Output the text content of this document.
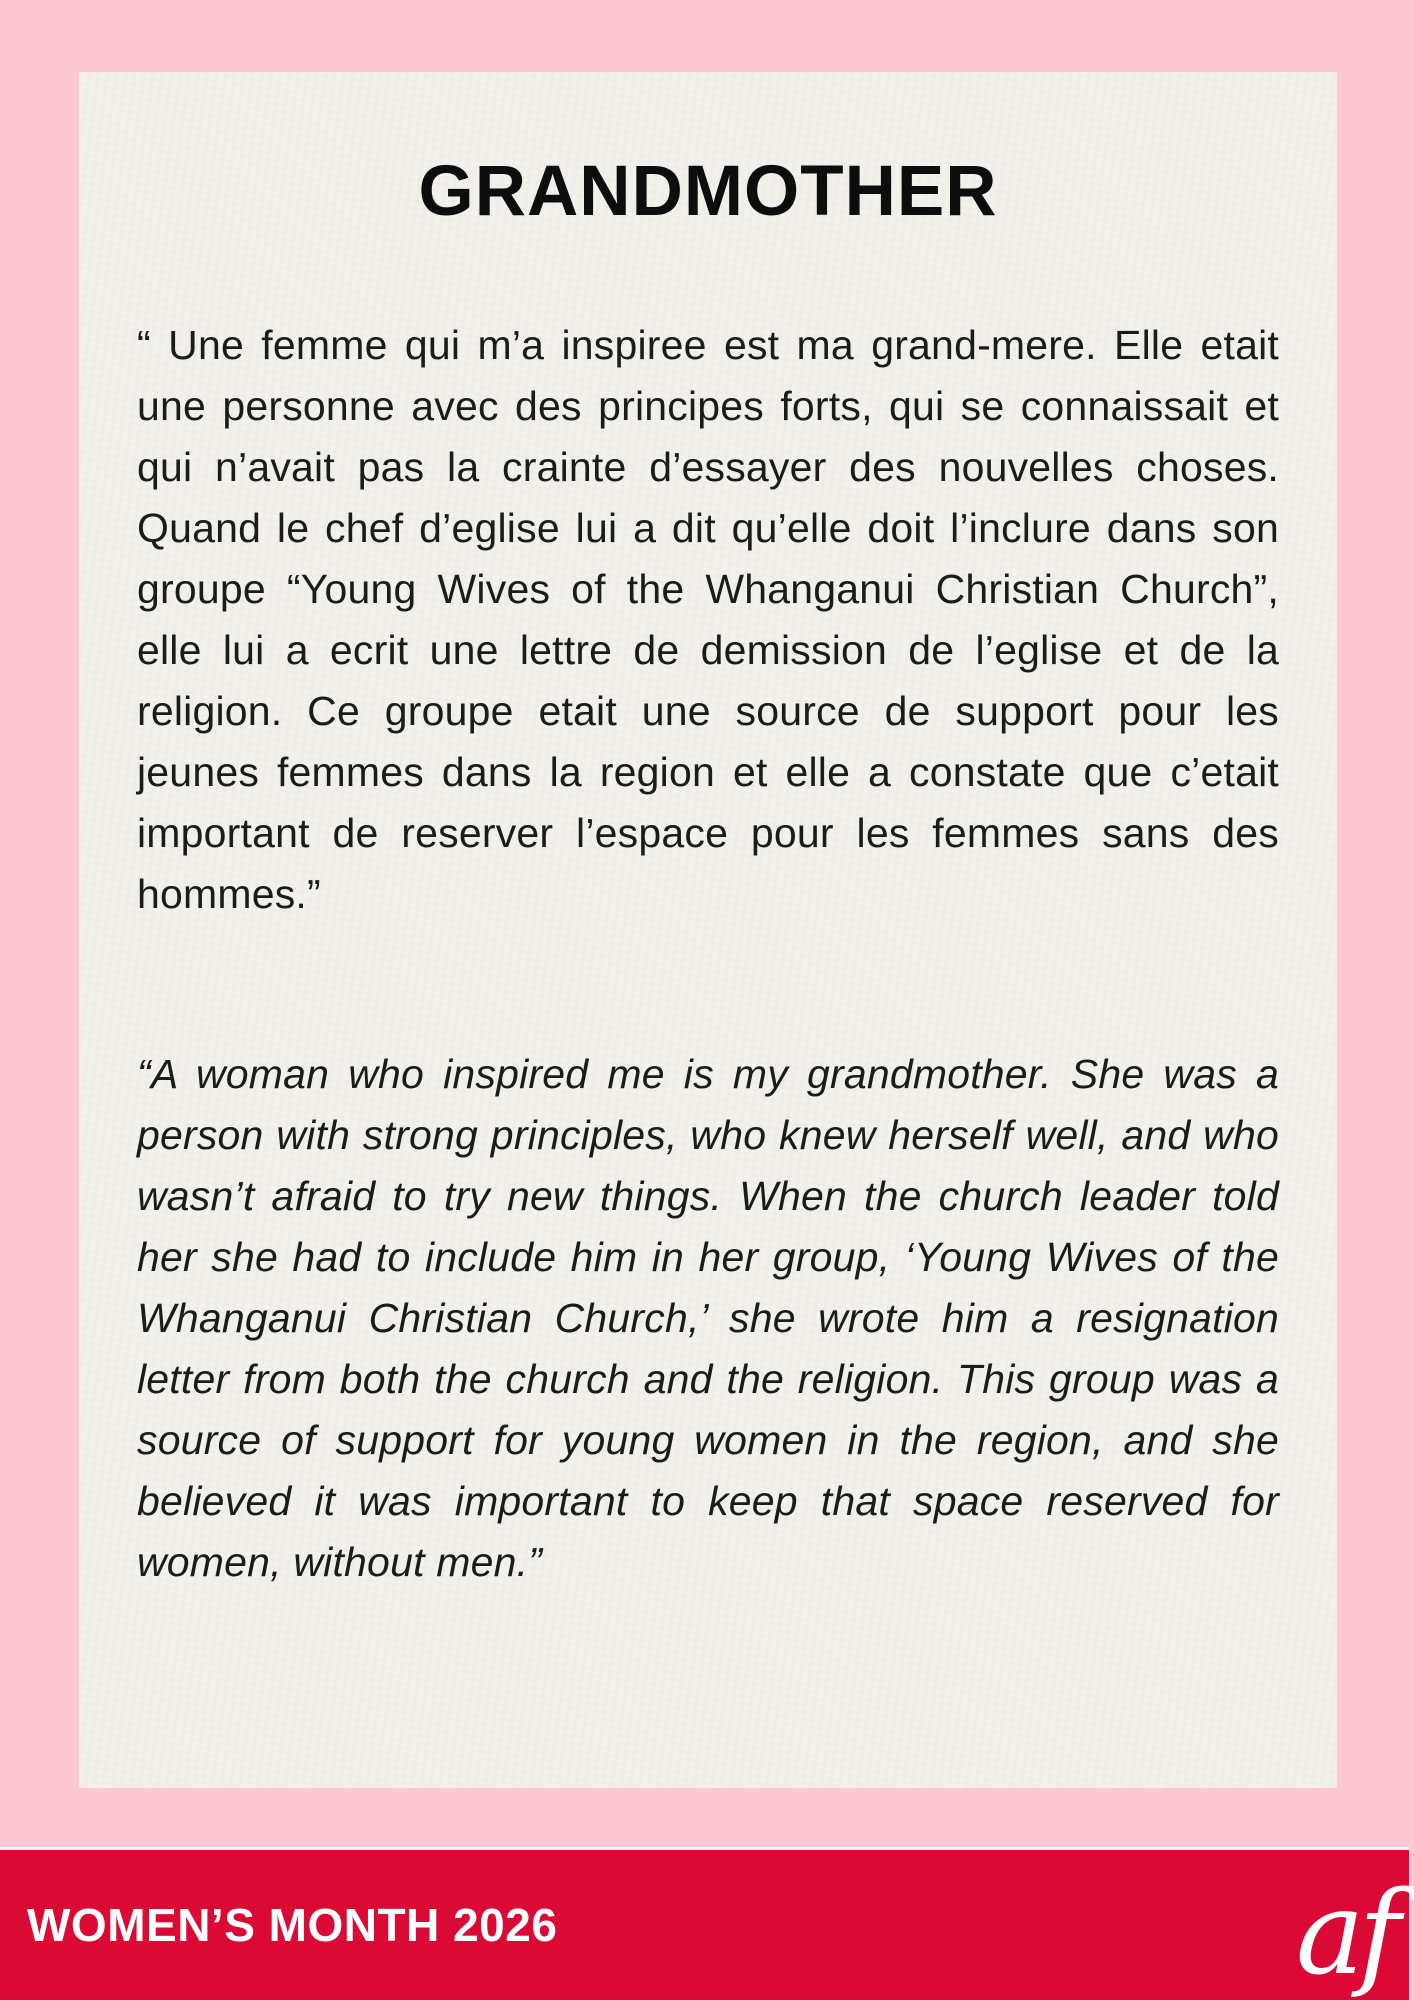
GRANDMOTHER

“ Une femme qui m’a inspiree est ma grand-mere. Elle etait une personne avec des principes forts, qui se connaissait et qui n’avait pas la crainte d’essayer des nouvelles choses. Quand le chef d’eglise lui a dit qu’elle doit l’inclure dans son groupe “Young Wives of the Whanganui Christian Church”, elle lui a ecrit une lettre de demission de l’eglise et de la religion. Ce groupe etait une source de support pour les jeunes femmes dans la region et elle a constate que c’etait important de reserver l’espace pour les femmes sans des hommes.”

“A woman who inspired me is my grandmother. She was a person with strong principles, who knew herself well, and who wasn’t afraid to try new things. When the church leader told her she had to include him in her group, ‘Young Wives of the Whanganui Christian Church,’ she wrote him a resignation letter from both the church and the religion. This group was a source of support for young women in the region, and she believed it was important to keep that space reserved for women, without men.”

WOMEN’S MONTH 2026	af
